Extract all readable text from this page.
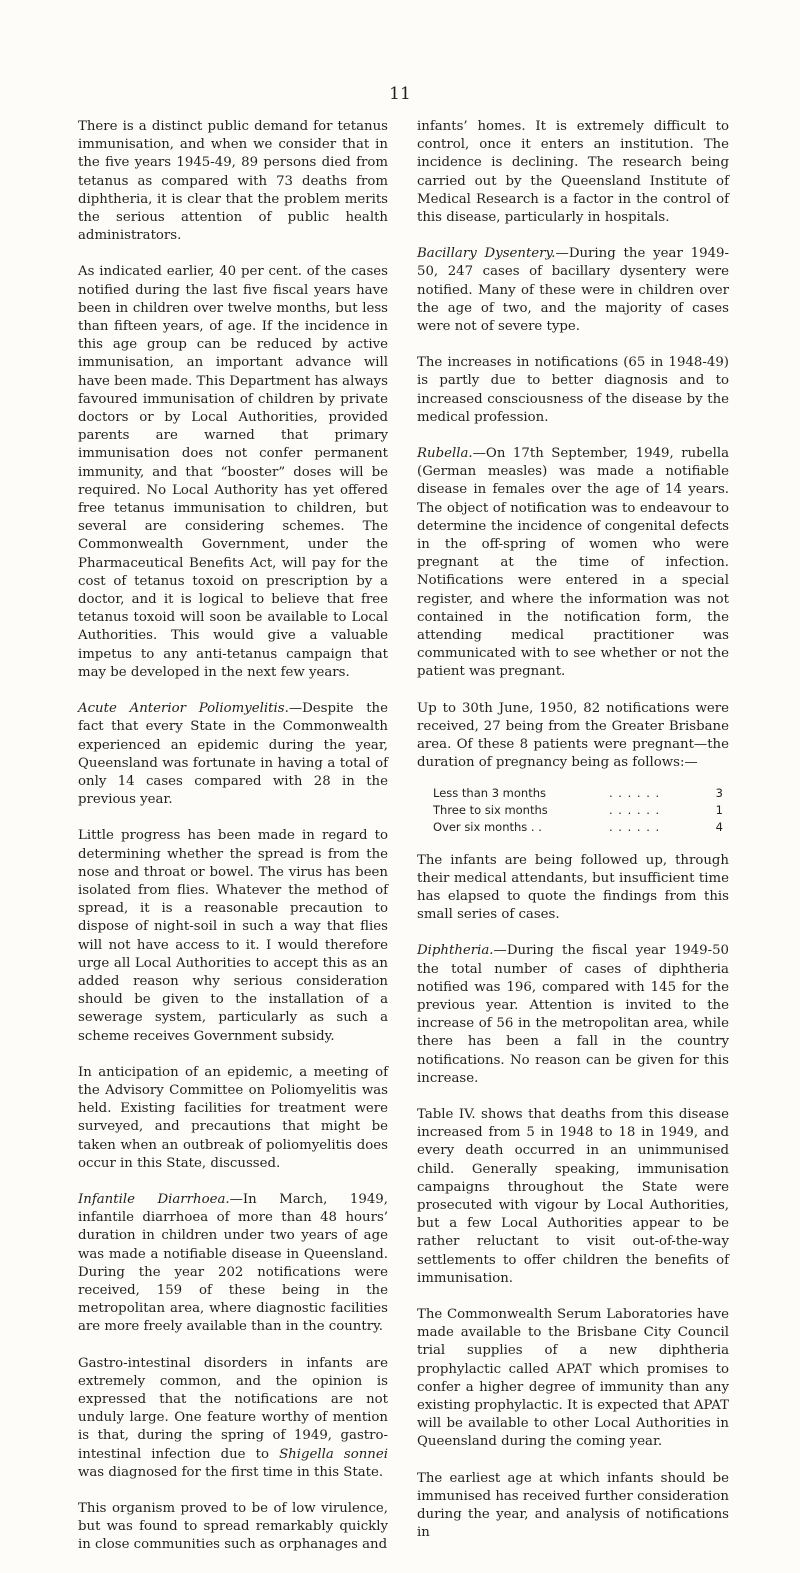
11

There is a distinct public demand for tetanus immunisation, and when we consider that in the five years 1945-49, 89 persons died from tetanus as compared with 73 deaths from diphtheria, it is clear that the problem merits the serious attention of public health administrators.

As indicated earlier, 40 per cent. of the cases notified during the last five fiscal years have been in children over twelve months, but less than fifteen years, of age. If the incidence in this age group can be reduced by active immunisation, an important advance will have been made. This Department has always favoured immunisation of children by private doctors or by Local Authorities, provided parents are warned that primary immunisation does not confer permanent immunity, and that “booster” doses will be required. No Local Authority has yet offered free tetanus immunisation to children, but several are considering schemes. The Commonwealth Government, under the Pharmaceutical Benefits Act, will pay for the cost of tetanus toxoid on prescription by a doctor, and it is logical to believe that free tetanus toxoid will soon be available to Local Authorities. This would give a valuable impetus to any anti-tetanus campaign that may be developed in the next few years.

Acute Anterior Poliomyelitis.—Despite the fact that every State in the Commonwealth experienced an epidemic during the year, Queensland was fortunate in having a total of only 14 cases compared with 28 in the previous year.

Little progress has been made in regard to determining whether the spread is from the nose and throat or bowel. The virus has been isolated from flies. Whatever the method of spread, it is a reasonable precaution to dispose of night-soil in such a way that flies will not have access to it. I would therefore urge all Local Authorities to accept this as an added reason why serious consideration should be given to the installation of a sewerage system, particularly as such a scheme receives Government subsidy.

In anticipation of an epidemic, a meeting of the Advisory Committee on Poliomyelitis was held. Existing facilities for treatment were surveyed, and precautions that might be taken when an outbreak of poliomyelitis does occur in this State, discussed.

Infantile Diarrhoea.—In March, 1949, infantile diarrhoea of more than 48 hours’ duration in children under two years of age was made a notifiable disease in Queensland. During the year 202 notifications were received, 159 of these being in the metropolitan area, where diagnostic facilities are more freely available than in the country.

Gastro-intestinal disorders in infants are extremely common, and the opinion is expressed that the notifications are not unduly large. One feature worthy of mention is that, during the spring of 1949, gastro-intestinal infection due to Shigella sonnei was diagnosed for the first time in this State.

This organism proved to be of low virulence, but was found to spread remarkably quickly in close communities such as orphanages and

infants’ homes. It is extremely difficult to control, once it enters an institution. The incidence is declining. The research being carried out by the Queensland Institute of Medical Research is a factor in the control of this disease, particularly in hospitals.

Bacillary Dysentery.—During the year 1949-50, 247 cases of bacillary dysentery were notified. Many of these were in children over the age of two, and the majority of cases were not of severe type.

The increases in notifications (65 in 1948-49) is partly due to better diagnosis and to increased consciousness of the disease by the medical profession.

Rubella.—On 17th September, 1949, rubella (German measles) was made a notifiable disease in females over the age of 14 years. The object of notification was to endeavour to determine the incidence of congenital defects in the off-spring of women who were pregnant at the time of infection. Notifications were entered in a special register, and where the information was not contained in the notification form, the attending medical practitioner was communicated with to see whether or not the patient was pregnant.

Up to 30th June, 1950, 82 notifications were received, 27 being from the Greater Brisbane area. Of these 8 patients were pregnant—the duration of pregnancy being as follows:—

Less than 3 months	. . . . . .	3
Three to six months	. . . . . .	1
Over six months . .	. . . . . .	4

The infants are being followed up, through their medical attendants, but insufficient time has elapsed to quote the findings from this small series of cases.

Diphtheria.—During the fiscal year 1949-50 the total number of cases of diphtheria notified was 196, compared with 145 for the previous year. Attention is invited to the increase of 56 in the metropolitan area, while there has been a fall in the country notifications. No reason can be given for this increase.

Table IV. shows that deaths from this disease increased from 5 in 1948 to 18 in 1949, and every death occurred in an unimmunised child. Generally speaking, immunisation campaigns throughout the State were prosecuted with vigour by Local Authorities, but a few Local Authorities appear to be rather reluctant to visit out-of-the-way settlements to offer children the benefits of immunisation.

The Commonwealth Serum Laboratories have made available to the Brisbane City Council trial supplies of a new diphtheria prophylactic called APAT which promises to confer a higher degree of immunity than any existing prophylactic. It is expected that APAT will be available to other Local Authorities in Queensland during the coming year.

The earliest age at which infants should be immunised has received further consideration during the year, and analysis of notifications in
